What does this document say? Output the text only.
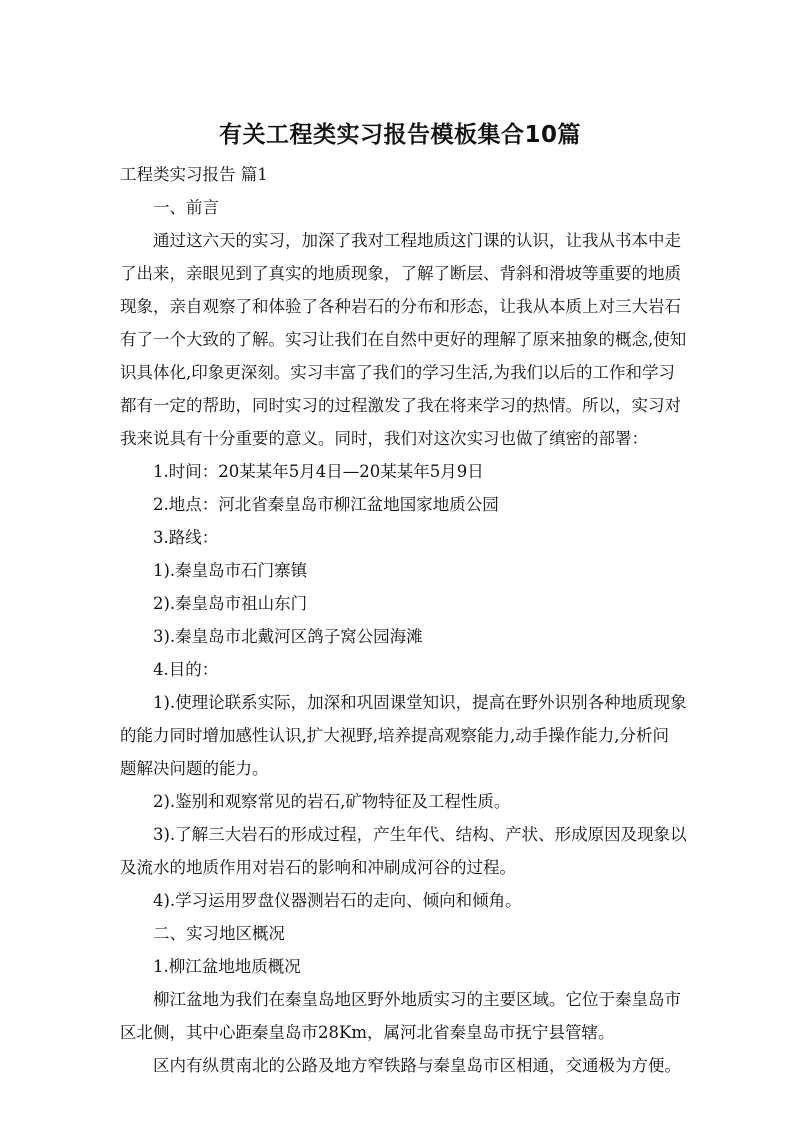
有关工程类实习报告模板集合10篇
工程类实习报告 篇1
一、前言
通过这六天的实习，加深了我对工程地质这门课的认识，让我从书本中走
了出来，亲眼见到了真实的地质现象，了解了断层、背斜和滑坡等重要的地质
现象，亲自观察了和体验了各种岩石的分布和形态，让我从本质上对三大岩石
有了一个大致的了解。实习让我们在自然中更好的理解了原来抽象的概念,使知
识具体化,印象更深刻。实习丰富了我们的学习生活,为我们以后的工作和学习
都有一定的帮助，同时实习的过程激发了我在将来学习的热情。所以，实习对
我来说具有十分重要的意义。同时，我们对这次实习也做了缜密的部署：
1.时间：20某某年5月4日—20某某年5月9日
2.地点：河北省秦皇岛市柳江盆地国家地质公园
3.路线：
1).秦皇岛市石门寨镇
2).秦皇岛市祖山东门
3).秦皇岛市北戴河区鸽子窝公园海滩
4.目的：
1).使理论联系实际，加深和巩固课堂知识，提高在野外识别各种地质现象
的能力同时增加感性认识,扩大视野,培养提高观察能力,动手操作能力,分析问
题解决问题的能力。
2).鉴别和观察常见的岩石,矿物特征及工程性质。
3).了解三大岩石的形成过程，产生年代、结构、产状、形成原因及现象以
及流水的地质作用对岩石的影响和冲刷成河谷的过程。
4).学习运用罗盘仪器测岩石的走向、倾向和倾角。
二、实习地区概况
1.柳江盆地地质概况
柳江盆地为我们在秦皇岛地区野外地质实习的主要区域。它位于秦皇岛市
区北侧，其中心距秦皇岛市28Km，属河北省秦皇岛市抚宁县管辖。
区内有纵贯南北的公路及地方窄铁路与秦皇岛市区相通，交通极为方便。
